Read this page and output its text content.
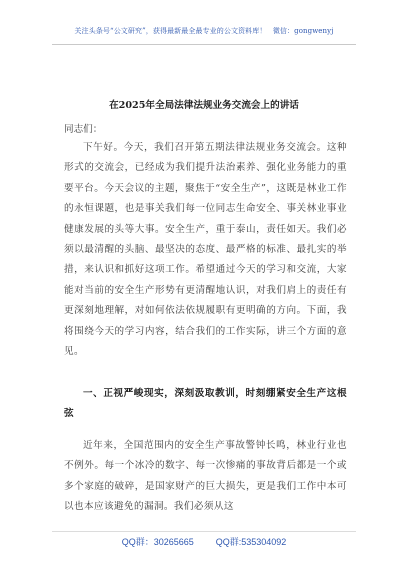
关注头条号“公文研究”，获得最新最全最专业的公文资料库！ 微信：gongwenyj
在2025年全局法律法规业务交流会上的讲话
同志们：

下午好。今天，我们召开第五期法律法规业务交流会。这种形式的交流会，已经成为我们提升法治素养、强化业务能力的重要平台。今天会议的主题，聚焦于“安全生产”，这既是林业工作的永恒课题，也是事关我们每一位同志生命安全、事关林业事业健康发展的头等大事。安全生产，重于泰山，责任如天。我们必须以最清醒的头脑、最坚决的态度、最严格的标准、最扎实的举措，来认识和抓好这项工作。希望通过今天的学习和交流，大家能对当前的安全生产形势有更清醒地认识，对我们肩上的责任有更深刻地理解，对如何依法依规履职有更明确的方向。下面，我将围绕今天的学习内容，结合我们的工作实际，讲三个方面的意见。

一、正视严峻现实，深刻汲取教训，时刻绷紧安全生产这根弦

近年来，全国范围内的安全生产事故警钟长鸣，林业行业也不例外。每一个冰冷的数字、每一次惨痛的事故背后都是一个或多个家庭的破碎，是国家财产的巨大损失，更是我们工作中本可以也本应该避免的漏洞。我们必须从这

QQ群：30265665 QQ群:535304092
